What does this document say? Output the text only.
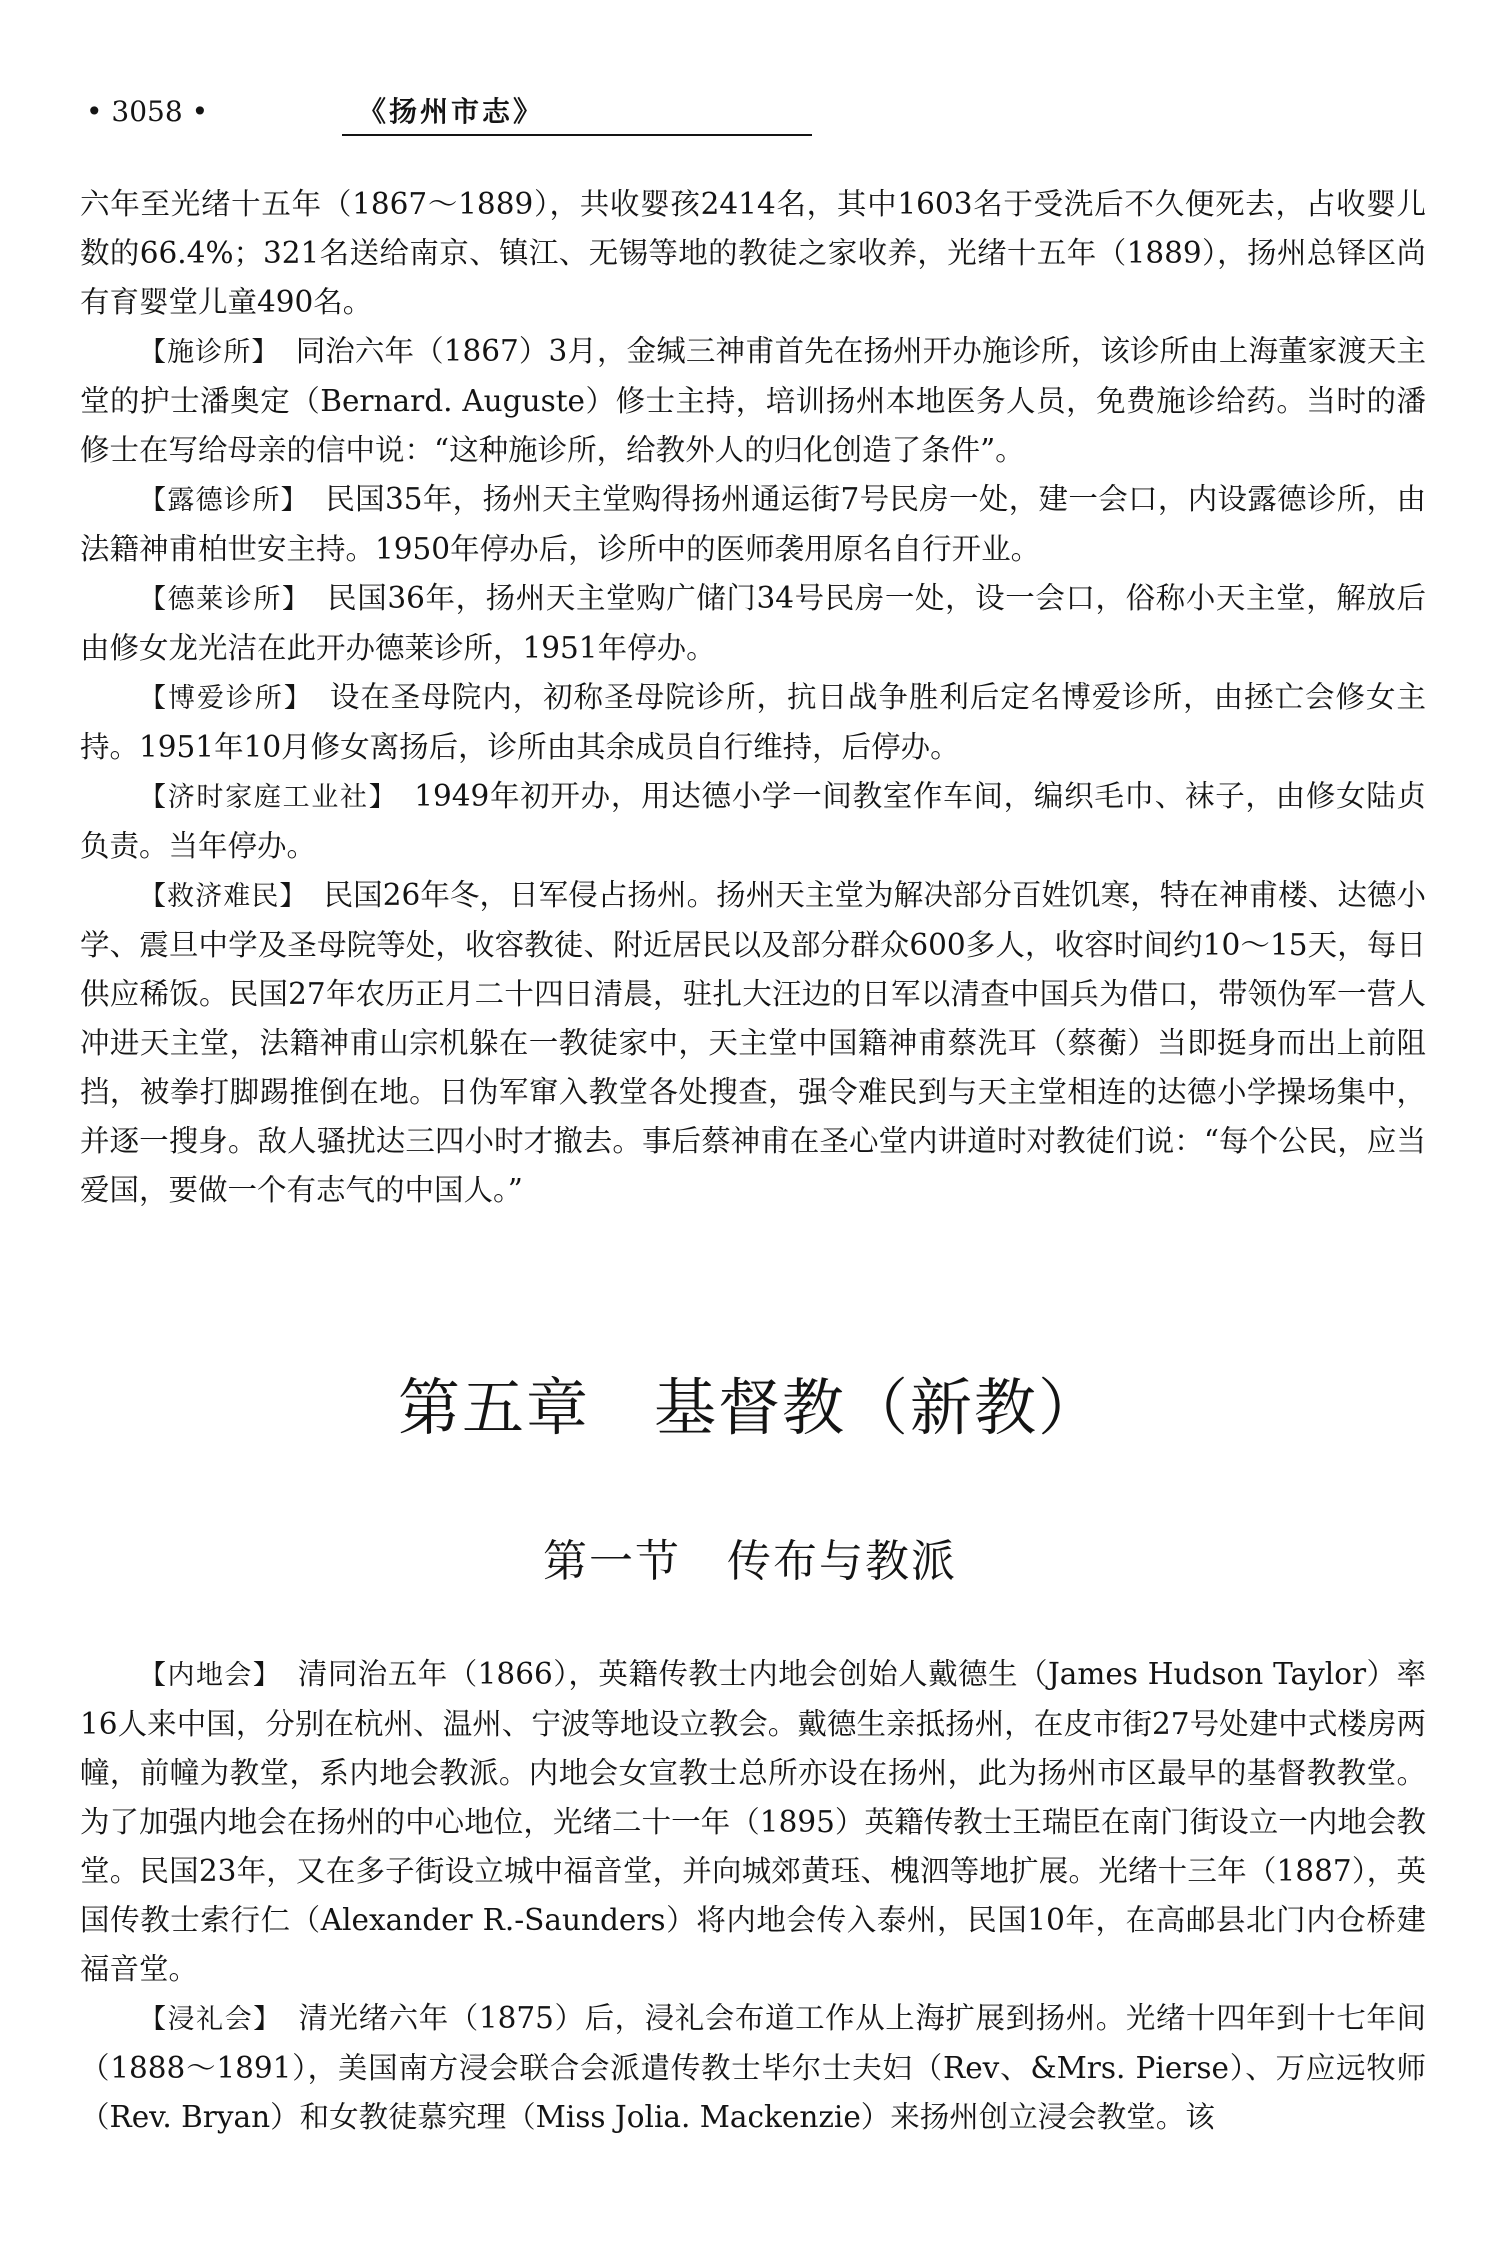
• 3058 •	《扬州市志》

六年至光绪十五年（1867～1889），共收婴孩2414名，其中1603名于受洗后不久便死去，占收婴儿数的66.4%；321名送给南京、镇江、无锡等地的教徒之家收养，光绪十五年（1889），扬州总铎区尚有育婴堂儿童490名。

【施诊所】　 同治六年（1867）3月，金缄三神甫首先在扬州开办施诊所，该诊所由上海董家渡天主堂的护士潘奥定（Bernard. Auguste）修士主持，培训扬州本地医务人员，免费施诊给药。当时的潘修士在写给母亲的信中说：“这种施诊所，给教外人的归化创造了条件”。

【露德诊所】　 民国35年，扬州天主堂购得扬州通运街7号民房一处，建一会口，内设露德诊所，由法籍神甫柏世安主持。1950年停办后，诊所中的医师袭用原名自行开业。

【德莱诊所】　 民国36年，扬州天主堂购广储门34号民房一处，设一会口，俗称小天主堂，解放后由修女龙光洁在此开办德莱诊所，1951年停办。

【博爱诊所】　 设在圣母院内，初称圣母院诊所，抗日战争胜利后定名博爱诊所，由拯亡会修女主持。1951年10月修女离扬后，诊所由其余成员自行维持，后停办。

【济时家庭工业社】　 1949年初开办，用达德小学一间教室作车间，编织毛巾、袜子，由修女陆贞负责。当年停办。

【救济难民】　 民国26年冬，日军侵占扬州。扬州天主堂为解决部分百姓饥寒，特在神甫楼、达德小学、震旦中学及圣母院等处，收容教徒、附近居民以及部分群众600多人，收容时间约10～15天，每日供应稀饭。民国27年农历正月二十四日清晨，驻扎大汪边的日军以清查中国兵为借口，带领伪军一营人冲进天主堂，法籍神甫山宗机躲在一教徒家中，天主堂中国籍神甫蔡洗耳（蔡蘅）当即挺身而出上前阻挡，被拳打脚踢推倒在地。日伪军窜入教堂各处搜查，强令难民到与天主堂相连的达德小学操场集中，并逐一搜身。敌人骚扰达三四小时才撤去。事后蔡神甫在圣心堂内讲道时对教徒们说：“每个公民，应当爱国，要做一个有志气的中国人。”

第五章　基督教（新教）
第一节　传布与教派

【内地会】　 清同治五年（1866），英籍传教士内地会创始人戴德生（James Hudson Taylor）率16人来中国，分别在杭州、温州、宁波等地设立教会。戴德生亲抵扬州，在皮市街27号处建中式楼房两幢，前幢为教堂，系内地会教派。内地会女宣教士总所亦设在扬州，此为扬州市区最早的基督教教堂。为了加强内地会在扬州的中心地位，光绪二十一年（1895）英籍传教士王瑞臣在南门街设立一内地会教堂。民国23年，又在多子街设立城中福音堂，并向城郊黄珏、槐泗等地扩展。光绪十三年（1887），英国传教士索行仁（Alexander R.-Saunders）将内地会传入泰州，民国10年，在高邮县北门内仓桥建福音堂。

【浸礼会】　 清光绪六年（1875）后，浸礼会布道工作从上海扩展到扬州。光绪十四年到十七年间（1888～1891），美国南方浸会联合会派遣传教士毕尔士夫妇（Rev、&Mrs. Pierse）、万应远牧师（Rev. Bryan）和女教徒慕究理（Miss Jolia. Mackenzie）来扬州创立浸会教堂。该
